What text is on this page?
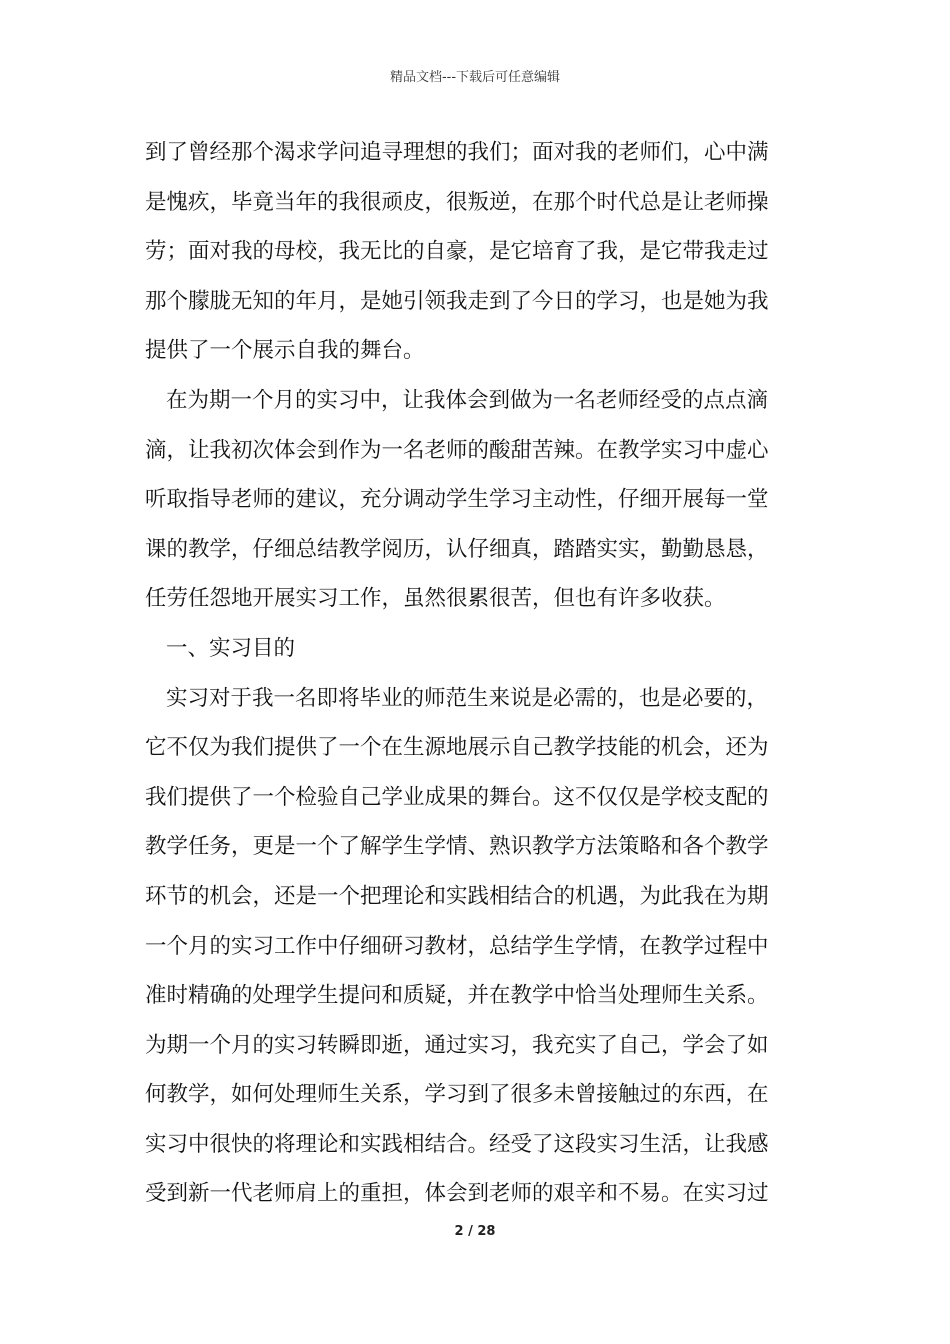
精品文档---下载后可任意编辑
到了曾经那个渴求学问追寻理想的我们；面对我的老师们，心中满
是愧疚，毕竟当年的我很顽皮，很叛逆，在那个时代总是让老师操
劳；面对我的母校，我无比的自豪，是它培育了我，是它带我走过
那个朦胧无知的年月，是她引领我走到了今日的学习，也是她为我
提供了一个展示自我的舞台。
在为期一个月的实习中，让我体会到做为一名老师经受的点点滴
滴，让我初次体会到作为一名老师的酸甜苦辣。在教学实习中虚心
听取指导老师的建议，充分调动学生学习主动性，仔细开展每一堂
课的教学，仔细总结教学阅历，认仔细真，踏踏实实，勤勤恳恳，
任劳任怨地开展实习工作，虽然很累很苦，但也有许多收获。
一、实习目的
实习对于我一名即将毕业的师范生来说是必需的，也是必要的，
它不仅为我们提供了一个在生源地展示自己教学技能的机会，还为
我们提供了一个检验自己学业成果的舞台。这不仅仅是学校支配的
教学任务，更是一个了解学生学情、熟识教学方法策略和各个教学
环节的机会，还是一个把理论和实践相结合的机遇，为此我在为期
一个月的实习工作中仔细研习教材，总结学生学情，在教学过程中
准时精确的处理学生提问和质疑，并在教学中恰当处理师生关系。
为期一个月的实习转瞬即逝，通过实习，我充实了自己，学会了如
何教学，如何处理师生关系，学习到了很多未曾接触过的东西，在
实习中很快的将理论和实践相结合。经受了这段实习生活，让我感
受到新一代老师肩上的重担，体会到老师的艰辛和不易。在实习过
2 / 28
